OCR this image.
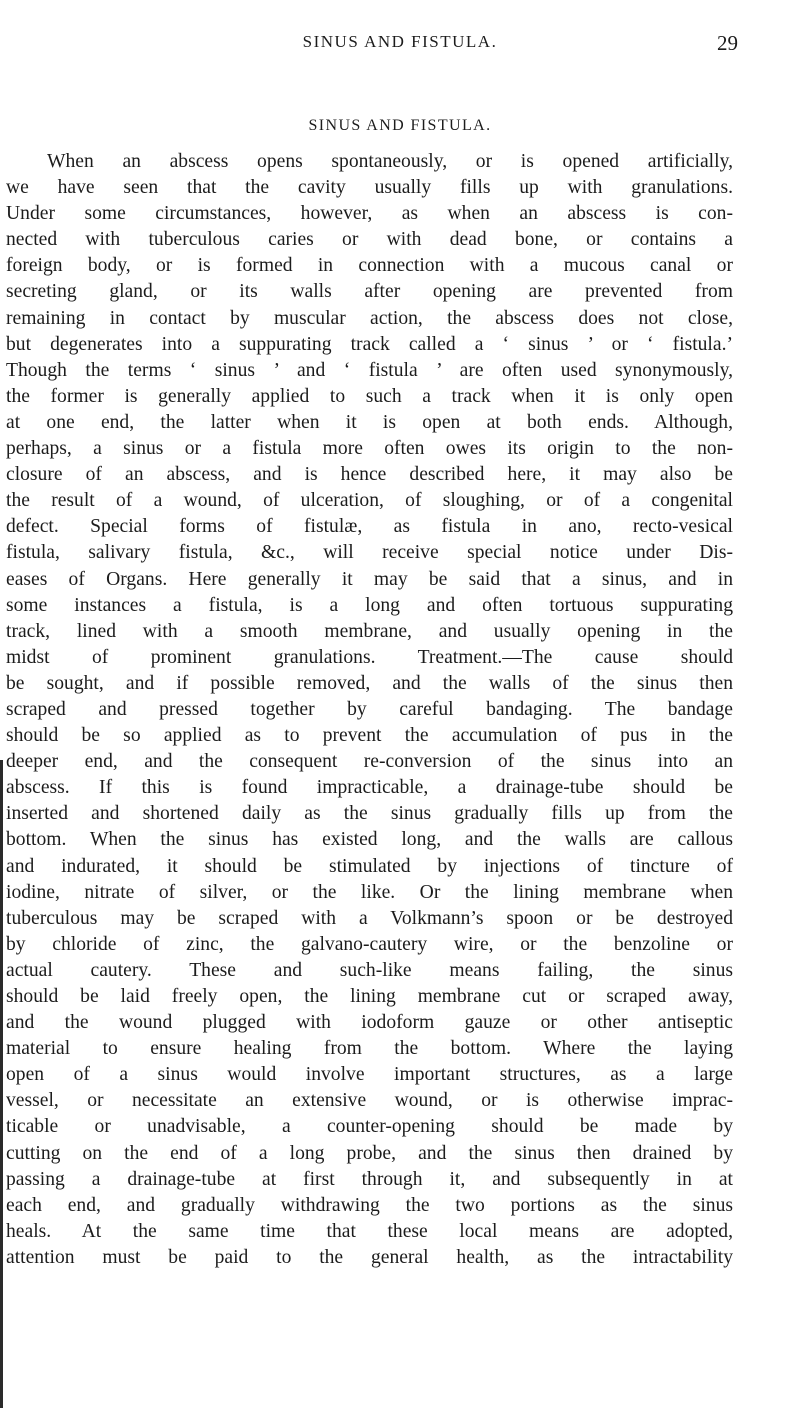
SINUS AND FISTULA.	29
SINUS AND FISTULA.
When an abscess opens spontaneously, or is opened artificially,
we have seen that the cavity usually fills up with granulations.
Under some circumstances, however, as when an abscess is con-
nected with tuberculous caries or with dead bone, or contains a
foreign body, or is formed in connection with a mucous canal or
secreting gland, or its walls after opening are prevented from
remaining in contact by muscular action, the abscess does not close,
but degenerates into a suppurating track called a ‘ sinus ’ or ‘ fistula.’
Though the terms ‘ sinus ’ and ‘ fistula ’ are often used synonymously,
the former is generally applied to such a track when it is only open
at one end, the latter when it is open at both ends. Although,
perhaps, a sinus or a fistula more often owes its origin to the non-
closure of an abscess, and is hence described here, it may also be
the result of a wound, of ulceration, of sloughing, or of a congenital
defect. Special forms of fistulæ, as fistula in ano, recto-vesical
fistula, salivary fistula, &c., will receive special notice under Dis-
eases of Organs. Here generally it may be said that a sinus, and in
some instances a fistula, is a long and often tortuous suppurating
track, lined with a smooth membrane, and usually opening in the
midst of prominent granulations. Treatment.—The cause should
be sought, and if possible removed, and the walls of the sinus then
scraped and pressed together by careful bandaging. The bandage
should be so applied as to prevent the accumulation of pus in the
deeper end, and the consequent re-conversion of the sinus into an
abscess. If this is found impracticable, a drainage-tube should be
inserted and shortened daily as the sinus gradually fills up from the
bottom. When the sinus has existed long, and the walls are callous
and indurated, it should be stimulated by injections of tincture of
iodine, nitrate of silver, or the like. Or the lining membrane when
tuberculous may be scraped with a Volkmann’s spoon or be destroyed
by chloride of zinc, the galvano-cautery wire, or the benzoline or
actual cautery. These and such-like means failing, the sinus
should be laid freely open, the lining membrane cut or scraped away,
and the wound plugged with iodoform gauze or other antiseptic
material to ensure healing from the bottom. Where the laying
open of a sinus would involve important structures, as a large
vessel, or necessitate an extensive wound, or is otherwise imprac-
ticable or unadvisable, a counter-opening should be made by
cutting on the end of a long probe, and the sinus then drained by
passing a drainage-tube at first through it, and subsequently in at
each end, and gradually withdrawing the two portions as the sinus
heals. At the same time that these local means are adopted,
attention must be paid to the general health, as the intractability
